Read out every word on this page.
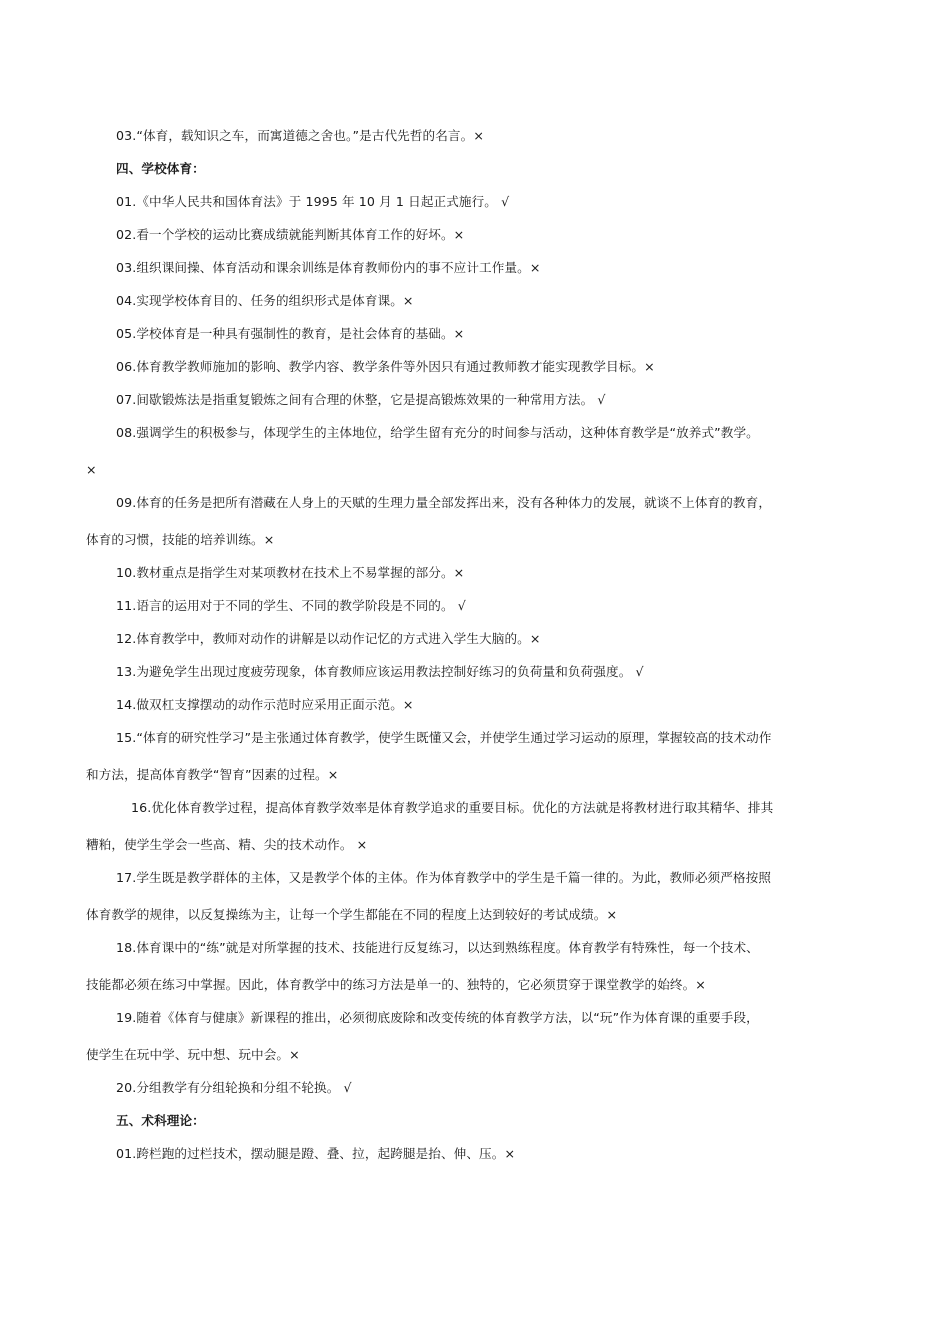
03.“体育，载知识之车，而寓道德之舍也。”是古代先哲的名言。×
四、学校体育：
01.《中华人民共和国体育法》于 1995 年 10 月 1 日起正式施行。 √
02.看一个学校的运动比赛成绩就能判断其体育工作的好坏。×
03.组织课间操、体育活动和课余训练是体育教师份内的事不应计工作量。×
04.实现学校体育目的、任务的组织形式是体育课。×
05.学校体育是一种具有强制性的教育，是社会体育的基础。×
06.体育教学教师施加的影响、教学内容、教学条件等外因只有通过教师教才能实现教学目标。×
07.间歇锻炼法是指重复锻炼之间有合理的休整，它是提高锻炼效果的一种常用方法。 √
08.强调学生的积极参与，体现学生的主体地位，给学生留有充分的时间参与活动，这种体育教学是“放养式”教学。
×
09.体育的任务是把所有潜藏在人身上的天赋的生理力量全部发挥出来，没有各种体力的发展，就谈不上体育的教育，
体育的习惯，技能的培养训练。×
10.教材重点是指学生对某项教材在技术上不易掌握的部分。×
11.语言的运用对于不同的学生、不同的教学阶段是不同的。 √
12.体育教学中，教师对动作的讲解是以动作记忆的方式进入学生大脑的。×
13.为避免学生出现过度疲劳现象，体育教师应该运用教法控制好练习的负荷量和负荷强度。 √
14.做双杠支撑摆动的动作示范时应采用正面示范。×
15.“体育的研究性学习”是主张通过体育教学，使学生既懂又会，并使学生通过学习运动的原理，掌握较高的技术动作
和方法，提高体育教学“智育”因素的过程。×
16.优化体育教学过程，提高体育教学效率是体育教学追求的重要目标。优化的方法就是将教材进行取其精华、排其
糟粕，使学生学会一些高、精、尖的技术动作。 ×
17.学生既是教学群体的主体，又是教学个体的主体。作为体育教学中的学生是千篇一律的。为此，教师必须严格按照
体育教学的规律，以反复操练为主，让每一个学生都能在不同的程度上达到较好的考试成绩。×
18.体育课中的“练”就是对所掌握的技术、技能进行反复练习，以达到熟练程度。体育教学有特殊性，每一个技术、
技能都必须在练习中掌握。因此，体育教学中的练习方法是单一的、独特的，它必须贯穿于课堂教学的始终。×
19.随着《体育与健康》新课程的推出，必须彻底废除和改变传统的体育教学方法，以“玩”作为体育课的重要手段，
使学生在玩中学、玩中想、玩中会。×
20.分组教学有分组轮换和分组不轮换。 √
五、术科理论：
01.跨栏跑的过栏技术，摆动腿是蹬、叠、拉，起跨腿是抬、伸、压。×
